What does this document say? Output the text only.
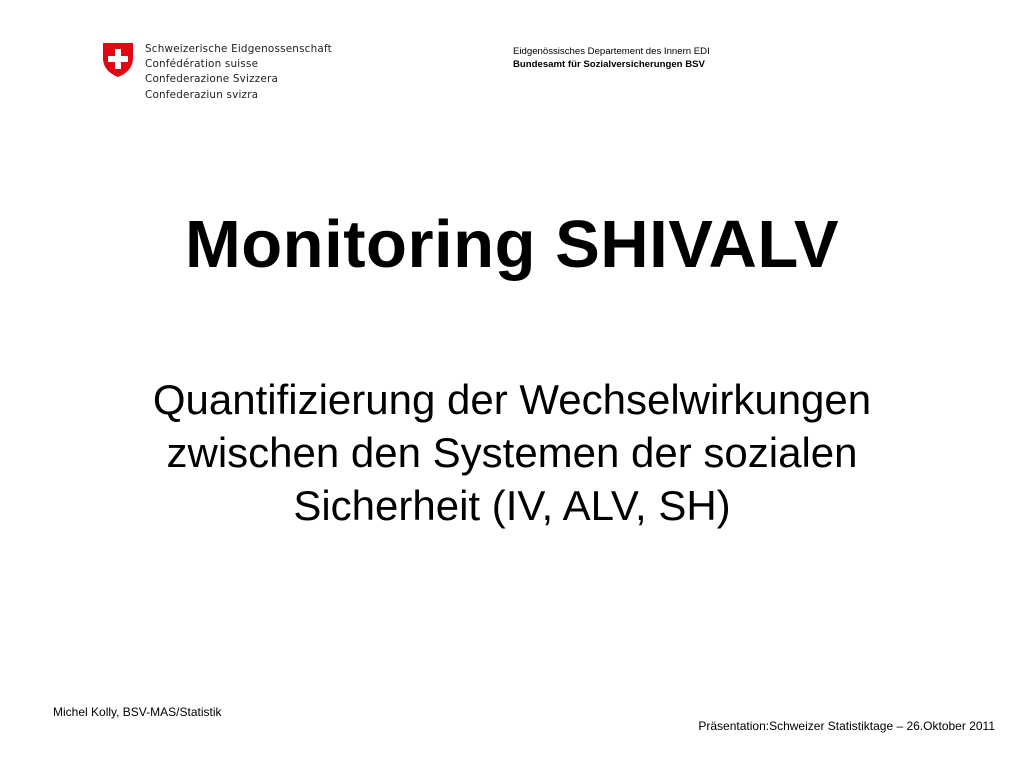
Schweizerische Eidgenossenschaft
Confédération suisse
Confederazione Svizzera
Confederaziun svizra
Eidgenössisches Departement des Innern EDI
Bundesamt für Sozialversicherungen BSV
Monitoring SHIVALV
Quantifizierung der Wechselwirkungen
zwischen den Systemen der sozialen
Sicherheit (IV, ALV, SH)
Michel Kolly, BSV-MAS/Statistik
Präsentation:Schweizer Statistiktage – 26.Oktober 2011
